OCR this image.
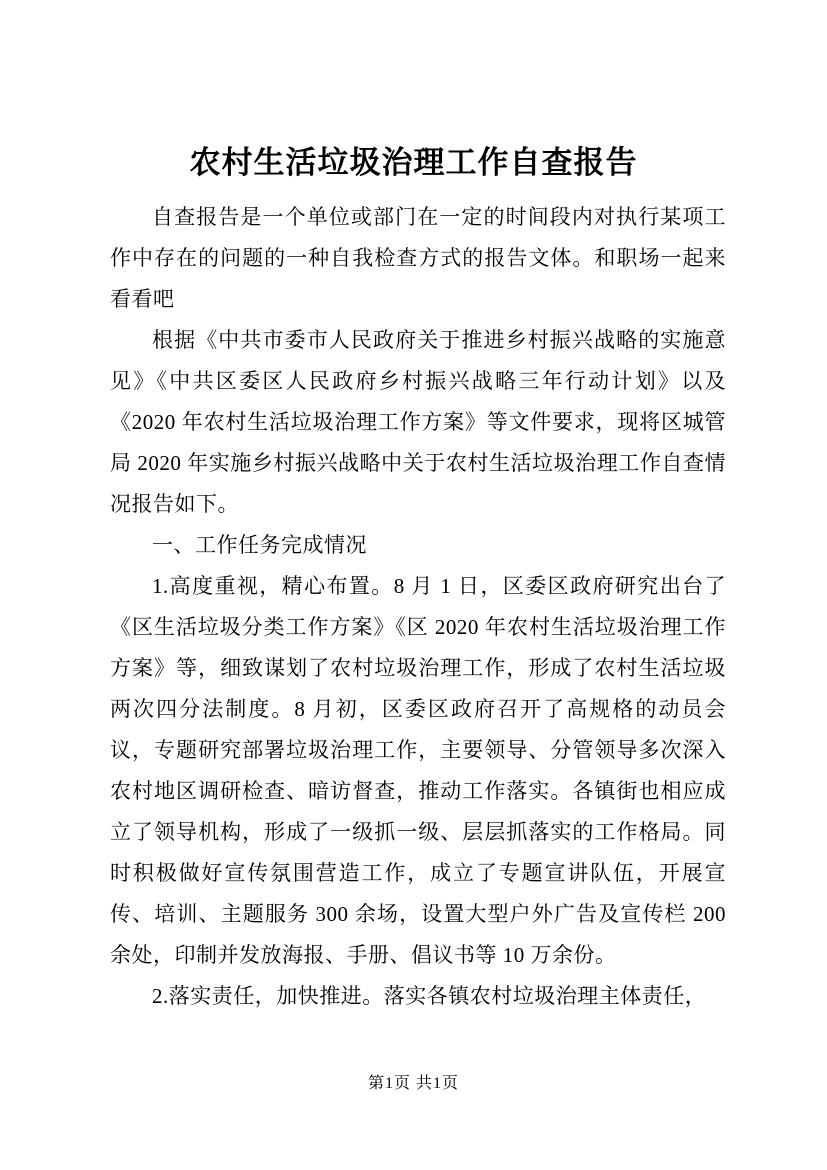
农村生活垃圾治理工作自查报告

自查报告是一个单位或部门在一定的时间段内对执行某项工作中存在的问题的一种自我检查方式的报告文体。和职场一起来看看吧

根据《中共市委市人民政府关于推进乡村振兴战略的实施意见》《中共区委区人民政府乡村振兴战略三年行动计划》以及《2020 年农村生活垃圾治理工作方案》等文件要求，现将区城管局 2020 年实施乡村振兴战略中关于农村生活垃圾治理工作自查情况报告如下。

一、工作任务完成情况

1.高度重视，精心布置。8 月 1 日，区委区政府研究出台了《区生活垃圾分类工作方案》《区 2020 年农村生活垃圾治理工作方案》等，细致谋划了农村垃圾治理工作，形成了农村生活垃圾两次四分法制度。8 月初，区委区政府召开了高规格的动员会议，专题研究部署垃圾治理工作，主要领导、分管领导多次深入农村地区调研检查、暗访督查，推动工作落实。各镇街也相应成立了领导机构，形成了一级抓一级、层层抓落实的工作格局。同时积极做好宣传氛围营造工作，成立了专题宣讲队伍，开展宣传、培训、主题服务 300 余场，设置大型户外广告及宣传栏 200 余处，印制并发放海报、手册、倡议书等 10 万余份。

2.落实责任，加快推进。落实各镇农村垃圾治理主体责任，

第1页 共1页
